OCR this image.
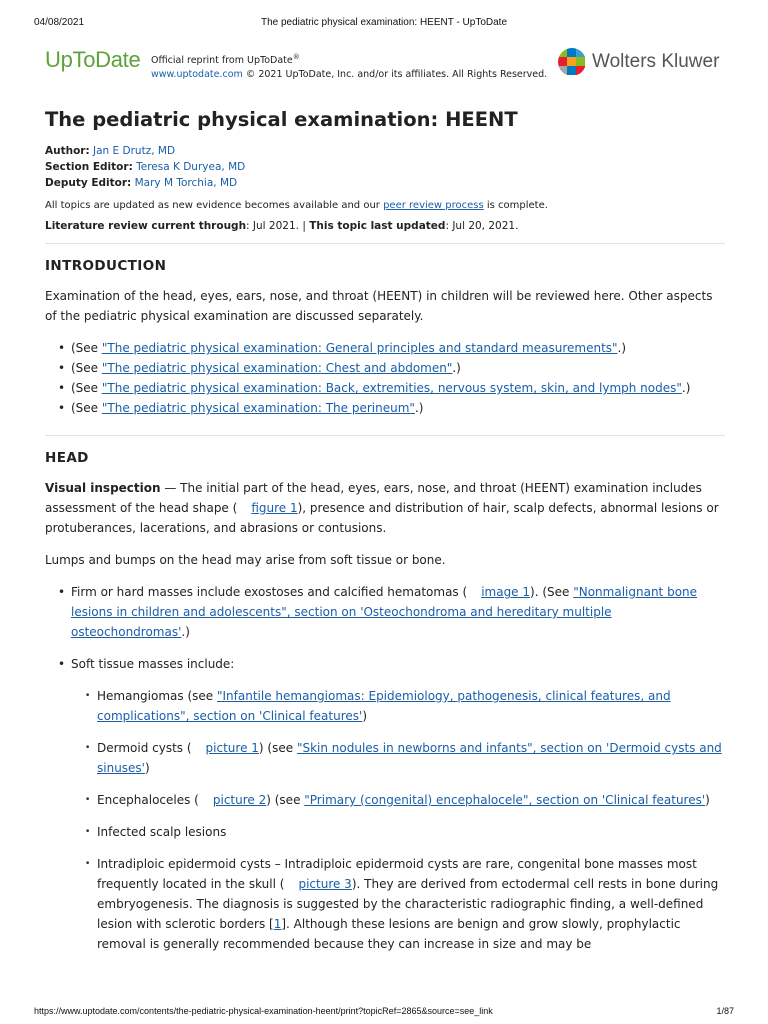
04/08/2021	The pediatric physical examination: HEENT - UpToDate
UpToDate Official reprint from UpToDate®
www.uptodate.com © 2021 UpToDate, Inc. and/or its affiliates. All Rights Reserved.
Wolters Kluwer
The pediatric physical examination: HEENT
Author: Jan E Drutz, MD
Section Editor: Teresa K Duryea, MD
Deputy Editor: Mary M Torchia, MD
All topics are updated as new evidence becomes available and our peer review process is complete.
Literature review current through: Jul 2021. | This topic last updated: Jul 20, 2021.
INTRODUCTION

Examination of the head, eyes, ears, nose, and throat (HEENT) in children will be reviewed here. Other aspects of the pediatric physical examination are discussed separately.

• (See "The pediatric physical examination: General principles and standard measurements".)
• (See "The pediatric physical examination: Chest and abdomen".)
• (See "The pediatric physical examination: Back, extremities, nervous system, skin, and lymph nodes".)
• (See "The pediatric physical examination: The perineum".)
HEAD

Visual inspection — The initial part of the head, eyes, ears, nose, and throat (HEENT) examination includes assessment of the head shape ( figure 1), presence and distribution of hair, scalp defects, abnormal lesions or protuberances, lacerations, and abrasions or contusions.

Lumps and bumps on the head may arise from soft tissue or bone.

• Firm or hard masses include exostoses and calcified hematomas ( image 1). (See "Nonmalignant bone lesions in children and adolescents", section on 'Osteochondroma and hereditary multiple osteochondromas'.)
• Soft tissue masses include:
• Hemangiomas (see "Infantile hemangiomas: Epidemiology, pathogenesis, clinical features, and complications", section on 'Clinical features')
• Dermoid cysts ( picture 1) (see "Skin nodules in newborns and infants", section on 'Dermoid cysts and sinuses')
• Encephaloceles ( picture 2) (see "Primary (congenital) encephalocele", section on 'Clinical features')
• Infected scalp lesions
• Intradiploic epidermoid cysts – Intradiploic epidermoid cysts are rare, congenital bone masses most frequently located in the skull ( picture 3). They are derived from ectodermal cell rests in bone during embryogenesis. The diagnosis is suggested by the characteristic radiographic finding, a well-defined lesion with sclerotic borders [1]. Although these lesions are benign and grow slowly, prophylactic removal is generally recommended because they can increase in size and may be
https://www.uptodate.com/contents/the-pediatric-physical-examination-heent/print?topicRef=2865&source=see_link	1/87
